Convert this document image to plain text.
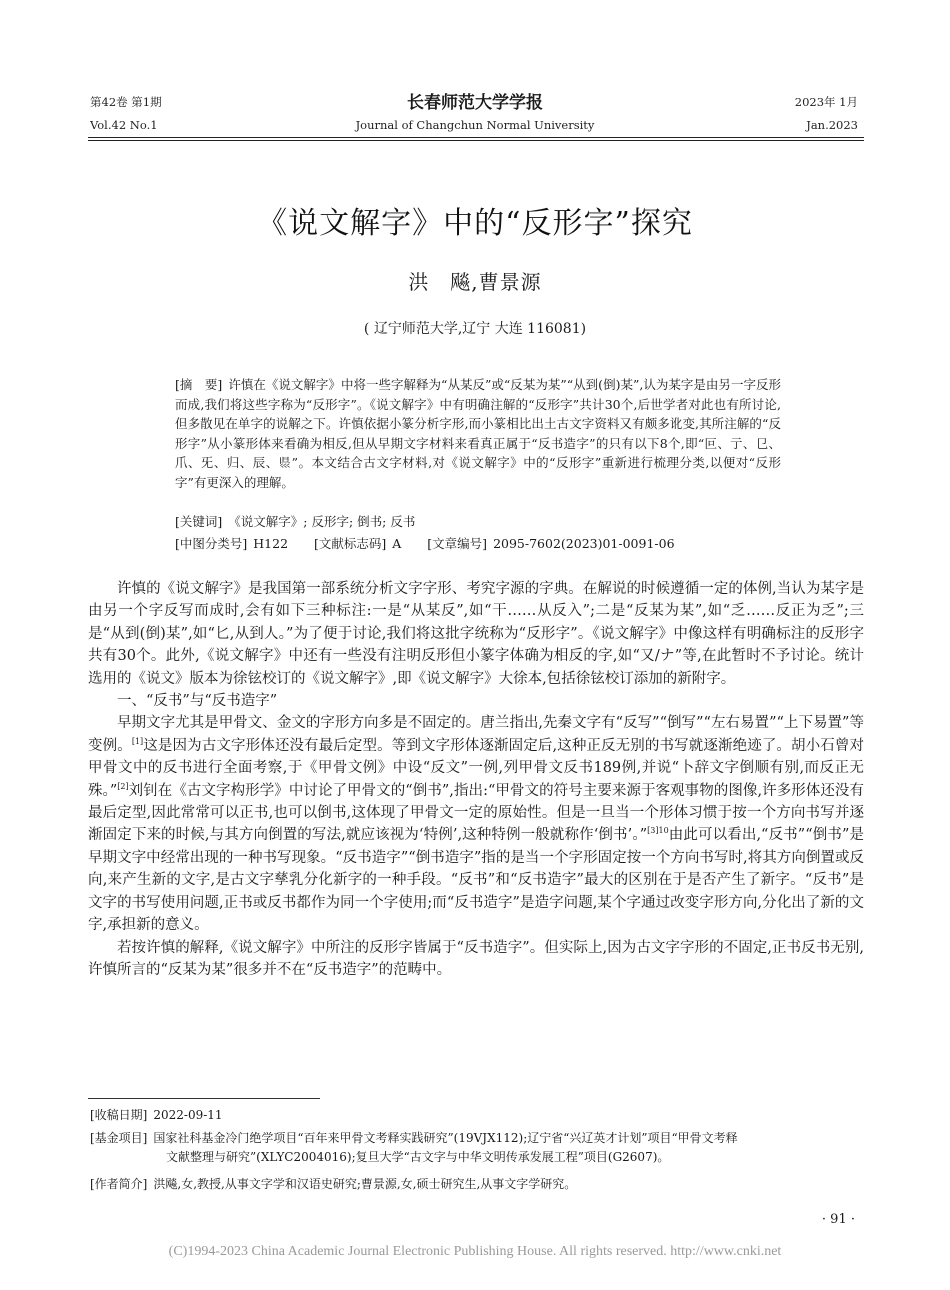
第42卷 第1期
Vol.42 No.1
长春师范大学学报
Journal of Changchun Normal University
2023年 1月
Jan.2023
《说文解字》中的“反形字”探究
洪　飚,曹景源
( 辽宁师范大学,辽宁 大连 116081)
[摘　要] 许慎在《说文解字》中将一些字解释为“从某反”或“反某为某”“从到(倒)某”,认为某字是由另一字反形而成,我们将这些字称为“反形字”。《说文解字》中有明确注解的“反形字”共计30个,后世学者对此也有所讨论,但多散见在单字的说解之下。许慎依据小篆分析字形,而小篆相比出土古文字资料又有颇多讹变,其所注解的“反形字”从小篆形体来看确为相反,但从早期文字材料来看真正属于“反书造字”的只有以下8个,即“叵、亍、㔾、爪、旡、归、辰、𥄉”。本文结合古文字材料,对《说文解字》中的“反形字”重新进行梳理分类,以便对“反形字”有更深入的理解。
[关键词] 《说文解字》; 反形字; 倒书; 反书
[中图分类号] H122 [文献标志码] A [文章编号] 2095-7602(2023)01-0091-06

许慎的《说文解字》是我国第一部系统分析文字字形、考究字源的字典。在解说的时候遵循一定的体例,当认为某字是由另一个字反写而成时,会有如下三种标注:一是“从某反”,如“干……从反入”;二是“反某为某”,如“乏……反正为乏”;三是“从到(倒)某”,如“匕,从到人。”为了便于讨论,我们将这批字统称为“反形字”。《说文解字》中像这样有明确标注的反形字共有30个。此外,《说文解字》中还有一些没有注明反形但小篆字体确为相反的字,如“又/ナ”等,在此暂时不予讨论。统计选用的《说文》版本为徐铉校订的《说文解字》,即《说文解字》大徐本,包括徐铉校订添加的新附字。

一、“反书”与“反书造字”

早期文字尤其是甲骨文、金文的字形方向多是不固定的。唐兰指出,先秦文字有“反写”“倒写”“左右易置”“上下易置”等变例。[1]这是因为古文字形体还没有最后定型。等到文字形体逐渐固定后,这种正反无别的书写就逐渐绝迹了。胡小石曾对甲骨文中的反书进行全面考察,于《甲骨文例》中设“反文”一例,列甲骨文反书189例,并说“卜辞文字倒顺有别,而反正无殊。”[2]刘钊在《古文字构形学》中讨论了甲骨文的“倒书”,指出:“甲骨文的符号主要来源于客观事物的图像,许多形体还没有最后定型,因此常常可以正书,也可以倒书,这体现了甲骨文一定的原始性。但是一旦当一个形体习惯于按一个方向书写并逐渐固定下来的时候,与其方向倒置的写法,就应该视为‘特例’,这种特例一般就称作‘倒书’。”$^{[3]10}$由此可以看出,“反书”“倒书”是早期文字中经常出现的一种书写现象。“反书造字”“倒书造字”指的是当一个字形固定按一个方向书写时,将其方向倒置或反向,来产生新的文字,是古文字孳乳分化新字的一种手段。“反书”和“反书造字”最大的区别在于是否产生了新字。“反书”是文字的书写使用问题,正书或反书都作为同一个字使用;而“反书造字”是造字问题,某个字通过改变字形方向,分化出了新的文字,承担新的意义。

若按许慎的解释,《说文解字》中所注的反形字皆属于“反书造字”。但实际上,因为古文字字形的不固定,正书反书无别,许慎所言的“反某为某”很多并不在“反书造字”的范畴中。

[收稿日期] 2022-09-11
[基金项目] 国家社科基金冷门绝学项目“百年来甲骨文考释实践研究”(19VJX112);辽宁省“兴辽英才计划”项目“甲骨文考释
文献整理与研究”(XLYC2004016);复旦大学“古文字与中华文明传承发展工程”项目(G2607)。
[作者简介] 洪飚,女,教授,从事文字学和汉语史研究;曹景源,女,硕士研究生,从事文字学研究。
· 91 ·
(C)1994-2023 China Academic Journal Electronic Publishing House. All rights reserved. http://www.cnki.net
